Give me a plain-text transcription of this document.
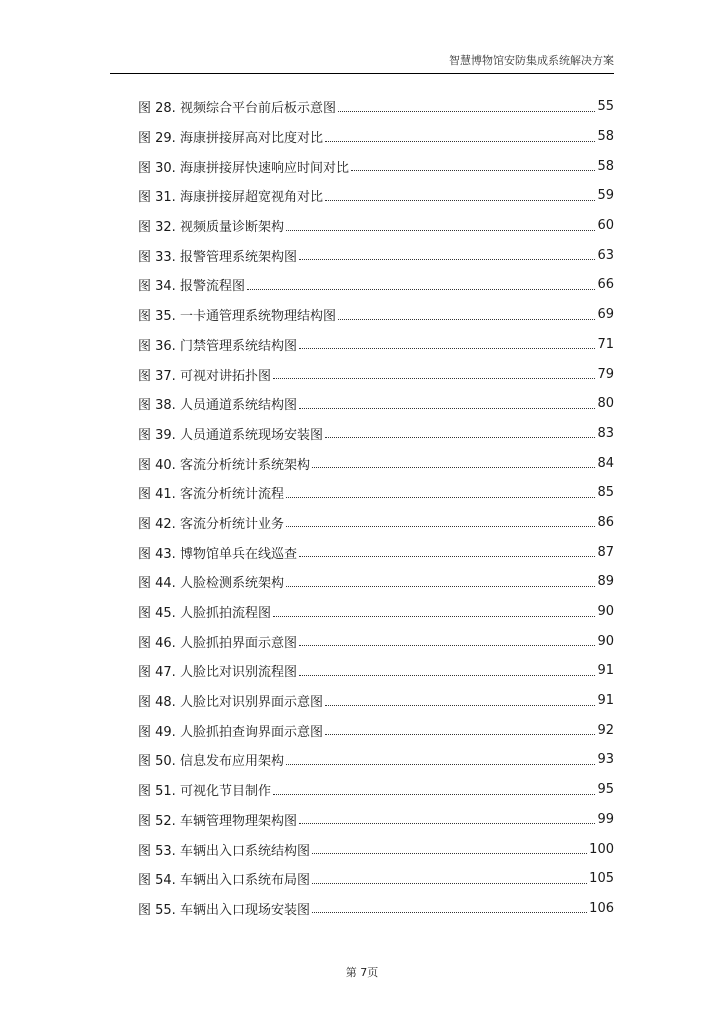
智慧博物馆安防集成系统解决方案
图 28. 视频综合平台前后板示意图	55
图 29. 海康拼接屏高对比度对比	58
图 30. 海康拼接屏快速响应时间对比	58
图 31. 海康拼接屏超宽视角对比	59
图 32. 视频质量诊断架构	60
图 33. 报警管理系统架构图	63
图 34. 报警流程图	66
图 35. 一卡通管理系统物理结构图	69
图 36. 门禁管理系统结构图	71
图 37. 可视对讲拓扑图	79
图 38. 人员通道系统结构图	80
图 39. 人员通道系统现场安装图	83
图 40. 客流分析统计系统架构	84
图 41. 客流分析统计流程	85
图 42. 客流分析统计业务	86
图 43. 博物馆单兵在线巡查	87
图 44. 人脸检测系统架构	89
图 45. 人脸抓拍流程图	90
图 46. 人脸抓拍界面示意图	90
图 47. 人脸比对识别流程图	91
图 48. 人脸比对识别界面示意图	91
图 49. 人脸抓拍查询界面示意图	92
图 50. 信息发布应用架构	93
图 51. 可视化节目制作	95
图 52. 车辆管理物理架构图	99
图 53. 车辆出入口系统结构图	100
图 54. 车辆出入口系统布局图	105
图 55. 车辆出入口现场安装图	106
第 7页
